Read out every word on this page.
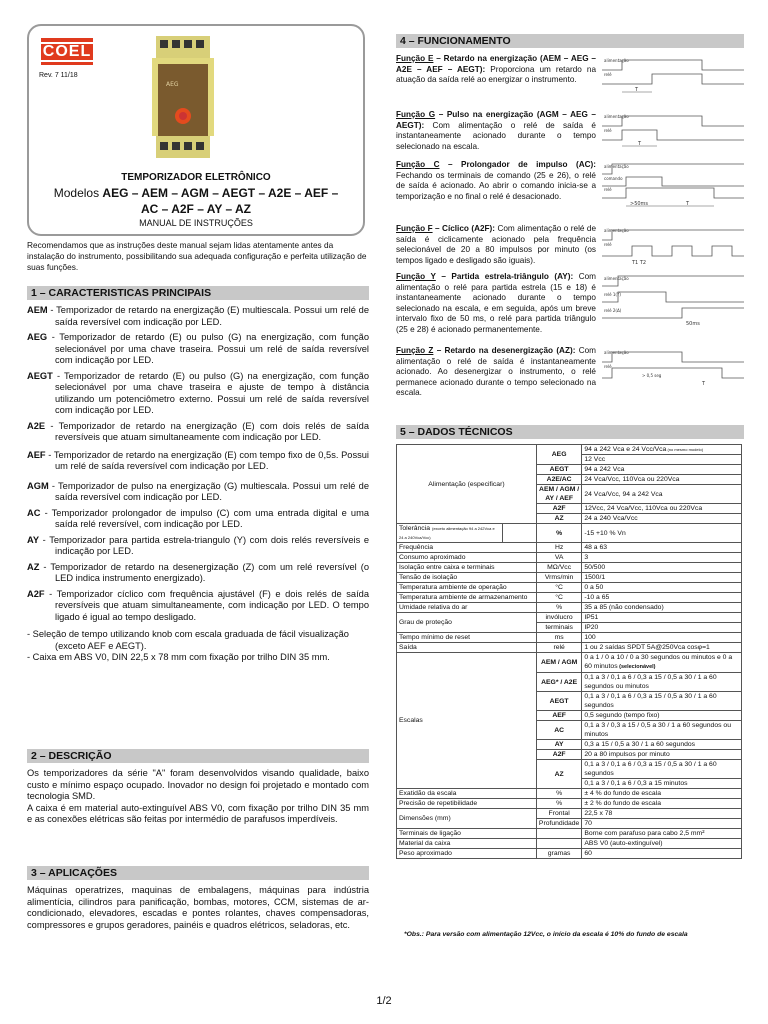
COEL
Rev. 7 11/18
AEG
TEMPORIZADOR ELETRÔNICO
Modelos AEG – AEM – AGM – AEGT – A2E – AEF –
AC – A2F – AY – AZ
MANUAL DE INSTRUÇÕES
Recomendamos que as instruções deste manual sejam lidas atentamente antes da instalação do instrumento, possibilitando sua adequada configuração e perfeita utilização de suas funções.
1 – CARACTERISTICAS PRINCIPAIS
AEM - Temporizador de retardo na energização (E) multiescala. Possui um relé de saída reversível com indicação por LED.
AEG - Temporizador de retardo (E) ou pulso (G) na energização, com função selecionável por uma chave traseira. Possui um relé de saída reversível com indicação por LED.
AEGT - Temporizador de retardo (E) ou pulso (G) na energização, com função selecionável por uma chave traseira e ajuste de tempo à distância utilizando um potenciômetro externo. Possui um relé de saída reversível com indicação por LED.
A2E - Temporizador de retardo na energização (E) com dois relés de saída reversíveis que atuam simultaneamente com indicação por LED.
AEF - Temporizador de retardo na energização (E) com tempo fixo de 0,5s. Possui um relé de saída reversível com indicação por LED.
AGM - Temporizador de pulso na energização (G) multiescala. Possui um relé de saída reversível com indicação por LED.
AC - Temporizador prolongador de impulso (C) com uma entrada digital e uma saída relé reversível, com indicação por LED.
AY - Temporizador para partida estrela-triangulo (Y) com dois relés reversíveis e indicação por LED.
AZ - Temporizador de retardo na desenergização (Z) com um relé reversível (o LED indica instrumento energizado).
A2F - Temporizador cíclico com frequência ajustável (F) e dois relés de saída reversíveis que atuam simultaneamente, com indicação por LED. O tempo ligado é igual ao tempo desligado.
- Seleção de tempo utilizando knob com escala graduada de fácil visualização (exceto AEF e AEGT).
- Caixa em ABS V0, DIN 22,5 x 78 mm com fixação por trilho DIN 35 mm.
2 – DESCRIÇÃO
Os temporizadores da série "A" foram desenvolvidos visando qualidade, baixo custo e mínimo espaço ocupado. Inovador no design foi projetado e montado com tecnologia SMD.
A caixa é em material auto-extinguível ABS V0, com fixação por trilho DIN 35 mm e as conexões elétricas são feitas por intermédio de parafusos imperdíveis.
3 – APLICAÇÕES
Máquinas operatrizes, maquinas de embalagens, máquinas para indústria alimentícia, cilindros para panificação, bombas, motores, CCM, sistemas de ar-condicionado, elevadores, escadas e pontes rolantes, chaves compensadoras, compressores e grupos geradores, painéis e quadros elétricos, seladoras, etc.
4 – FUNCIONAMENTO
Função E – Retardo na energização (AEM – AEG – A2E – AEF – AEGT): Proporciona um retardo na atuação da saída relé ao energizar o instrumento.
Função G – Pulso na energização (AGM – AEG – AEGT): Com alimentação o relé de saída é instantaneamente acionado durante o tempo selecionado na escala.
Função C – Prolongador de impulso (AC): Fechando os terminais de comando (25 e 26), o relé de saída é acionado. Ao abrir o comando inicia-se a temporização e no final o relé é desacionado.
Função F – Cíclico (A2F): Com alimentação o relé de saída é ciclicamente acionado pela frequência selecionável de 20 a 80 impulsos por minuto (os tempos ligado e desligado são iguais).
Função Y – Partida estrela-triângulo (AY): Com alimentação o relé para partida estrela (15 e 18) é instantaneamente acionado durante o tempo selecionado na escala, e em seguida, após um breve intervalo fixo de 50 ms, o relé para partida triângulo (25 e 28) é acionado permanentemente.
Função Z – Retardo na desenergização (AZ): Com alimentação o relé de saída é instantaneamente acionado. Ao desenergizar o instrumento, o relé permanece acionado durante o tempo selecionado na escala.
alimentação
relé
T
alimentação
relé
T
alimentação
comando
relé
>50ms	T
alimentação
relé
T1 T2
alimentação
relé 1(Y)
relé 2(Δ)
50ms
alimentação
relé
> 0,5 seg
T
5 – DADOS TÉCNICOS
Alimentação (especificar)		AEG	94 a 242 Vca e 24 Vcc/Vca (no mesmo modelo)
			12 Vcc
		AEGT	94 a 242 Vca
		A2E/AC	24 Vca/Vcc, 110Vca ou 220Vca
		AEM / AGM / AY / AEF	24 Vca/Vcc, 94 a 242 Vca
		A2F	12Vcc, 24 Vca/Vcc, 110Vca ou 220Vca
		AZ	24 a 240 Vca/Vcc
Tolerância (exceto alimentação 94 a 242Vca e 24 a 240Vca/Vcc)		%	-15 +10 % Vn
Frequência		Hz	48 a 63
Consumo aproximado		VA	3
Isolação entre caixa e terminais		MΩ/Vcc	50/500
Tensão de isolação		Vrms/min	1500/1
Temperatura ambiente de operação		°C	0 a 50
Temperatura ambiente de armazenamento		°C	-10 a 65
Umidade relativa do ar		%	35 a 85 (não condensado)
Grau de proteção		invólucro	IP51
		terminais	IP20
Tempo mínimo de reset		ms	100
Saída		relé	1 ou 2 saídas SPDT 5A@250Vca cosφ=1
Escalas		AEM / AGM	0 a 1 / 0 a 10 / 0 a 30 segundos ou minutos e 0 a 60 minutos (selecionável)
		AEG* / A2E	0,1 a 3 / 0,1 a 6 / 0,3 a 15 / 0,5 a 30 / 1 a 60 segundos ou minutos
		AEGT	0,1 a 3 / 0,1 a 6 / 0,3 a 15 / 0,5 a 30 / 1 a 60 segundos
		AEF	0,5 segundo (tempo fixo)
		AC	0,1 a 3 / 0,3 a 15 / 0,5 a 30 / 1 a 60 segundos ou minutos
		AY	0,3 a 15 / 0,5 a 30 / 1 a 60 segundos
		A2F	20 a 80 impulsos por minuto
		AZ	0,1 a 3 / 0,1 a 6 / 0,3 a 15 / 0,5 a 30 / 1 a 60 segundos
			0,1 a 3 / 0,1 a 6 / 0,3 a 15 minutos
Exatidão da escala		%	± 4 % do fundo de escala
Precisão de repetibilidade		%	± 2 % do fundo de escala
Dimensões (mm)		Frontal	22,5 x 78
		Profundidade	70
Terminais de ligação			Borne com parafuso para cabo 2,5 mm²
Material da caixa			ABS V0 (auto-extinguível)
Peso aproximado		gramas	60
*Obs.: Para versão com alimentação 12Vcc, o início da escala é 10% do fundo de escala
1/2
